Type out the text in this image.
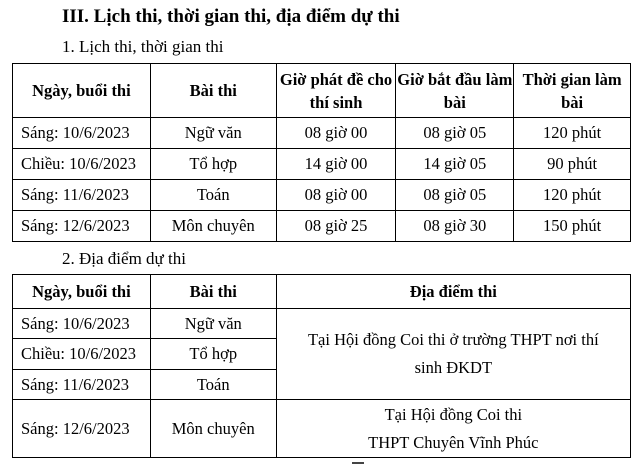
III. Lịch thi, thời gian thi, địa điểm dự thi
1. Lịch thi, thời gian thi
Ngày, buổi thi	Bài thi	Giờ phát đề cho thí sinh	Giờ bắt đầu làm bài	Thời gian làm bài
Sáng: 10/6/2023	Ngữ văn	08 giờ 00	08 giờ 05	120 phút
Chiều: 10/6/2023	Tổ hợp	14 giờ 00	14 giờ 05	90 phút
Sáng: 11/6/2023	Toán	08 giờ 00	08 giờ 05	120 phút
Sáng: 12/6/2023	Môn chuyên	08 giờ 25	08 giờ 30	150 phút
2. Địa điểm dự thi
Ngày, buổi thi	Bài thi	Địa điểm thi
Sáng: 10/6/2023	Ngữ văn	Tại Hội đồng Coi thi ở trường THPT nơi thí sinh ĐKDT

Chiều: 10/6/2023	Tổ hợp	
Sáng: 11/6/2023	Toán	
Sáng: 12/6/2023	Môn chuyên	Tại Hội đồng Coi thi
THPT Chuyên Vĩnh Phúc
